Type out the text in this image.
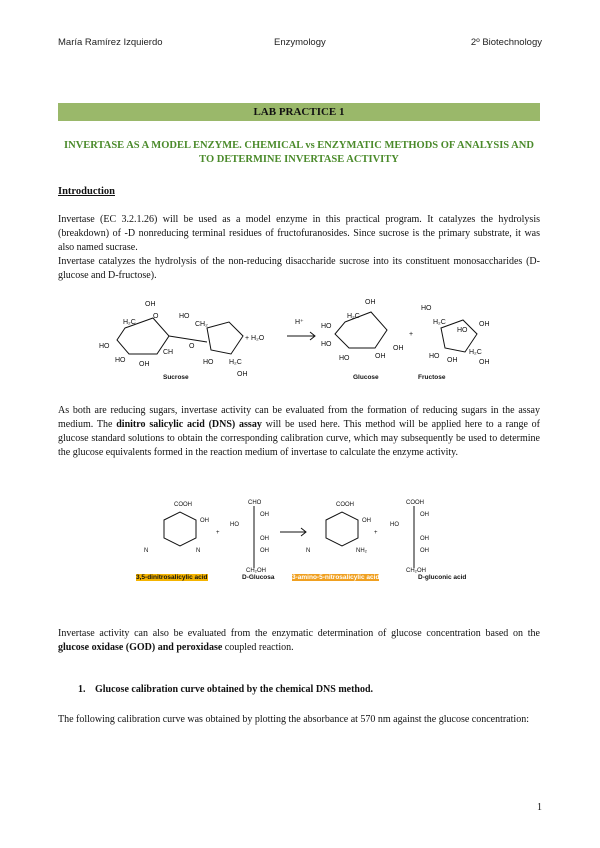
María Ramírez Izquierdo	Enzymology	2º Biotechnology
LAB PRACTICE 1
INVERTASE AS A MODEL ENZYME. CHEMICAL vs ENZYMATIC METHODS OF ANALYSIS AND TO DETERMINE INVERTASE ACTIVITY
Introduction
Invertase (EC 3.2.1.26) will be used as a model enzyme in this practical program. It catalyzes the hydrolysis (breakdown) of -D nonreducing terminal residues of fructofuranosides. Since sucrose is the primary substrate, it was also named sucrase.
Invertase catalyzes the hydrolysis of the non-reducing disaccharide sucrose into its constituent monosaccharides (D-glucose and D-fructose).
OH
H₂C
O
HO
HO
OH
CH
HO
CH₂
O
HO H₂C
OH
+ H₂O
H⁺
OH
H₂C
HO
HO
HO	OH
OH
+
HO
H₂C
HO
OH
HO
OH
H₂C
OH
Sucrose	Glucose	Fructose
As both are reducing sugars, invertase activity can be evaluated from the formation of reducing sugars in the assay medium. The dinitro salicylic acid (DNS) assay will be used here. This method will be applied here to a range of glucose standard solutions to obtain the corresponding calibration curve, which may subsequently be used to determine the glucose equivalents formed in the reaction medium of invertase to calculate the enzyme activity.
COOH
OH
N	N
+
CHO
HO
OH
OH
OH
CH₂OH
COOH
OH
N	NH₂
+
COOH
HO
OH
OH
OH
CH₂OH
3,5-dinitrosalicylic acid	D-Glucosa	3-amino-5-nitrosalicylic acid	D-gluconic acid
Invertase activity can also be evaluated from the enzymatic determination of glucose concentration based on the glucose oxidase (GOD) and peroxidase coupled reaction.
1. Glucose calibration curve obtained by the chemical DNS method.
The following calibration curve was obtained by plotting the absorbance at 570 nm against the glucose concentration:
1
